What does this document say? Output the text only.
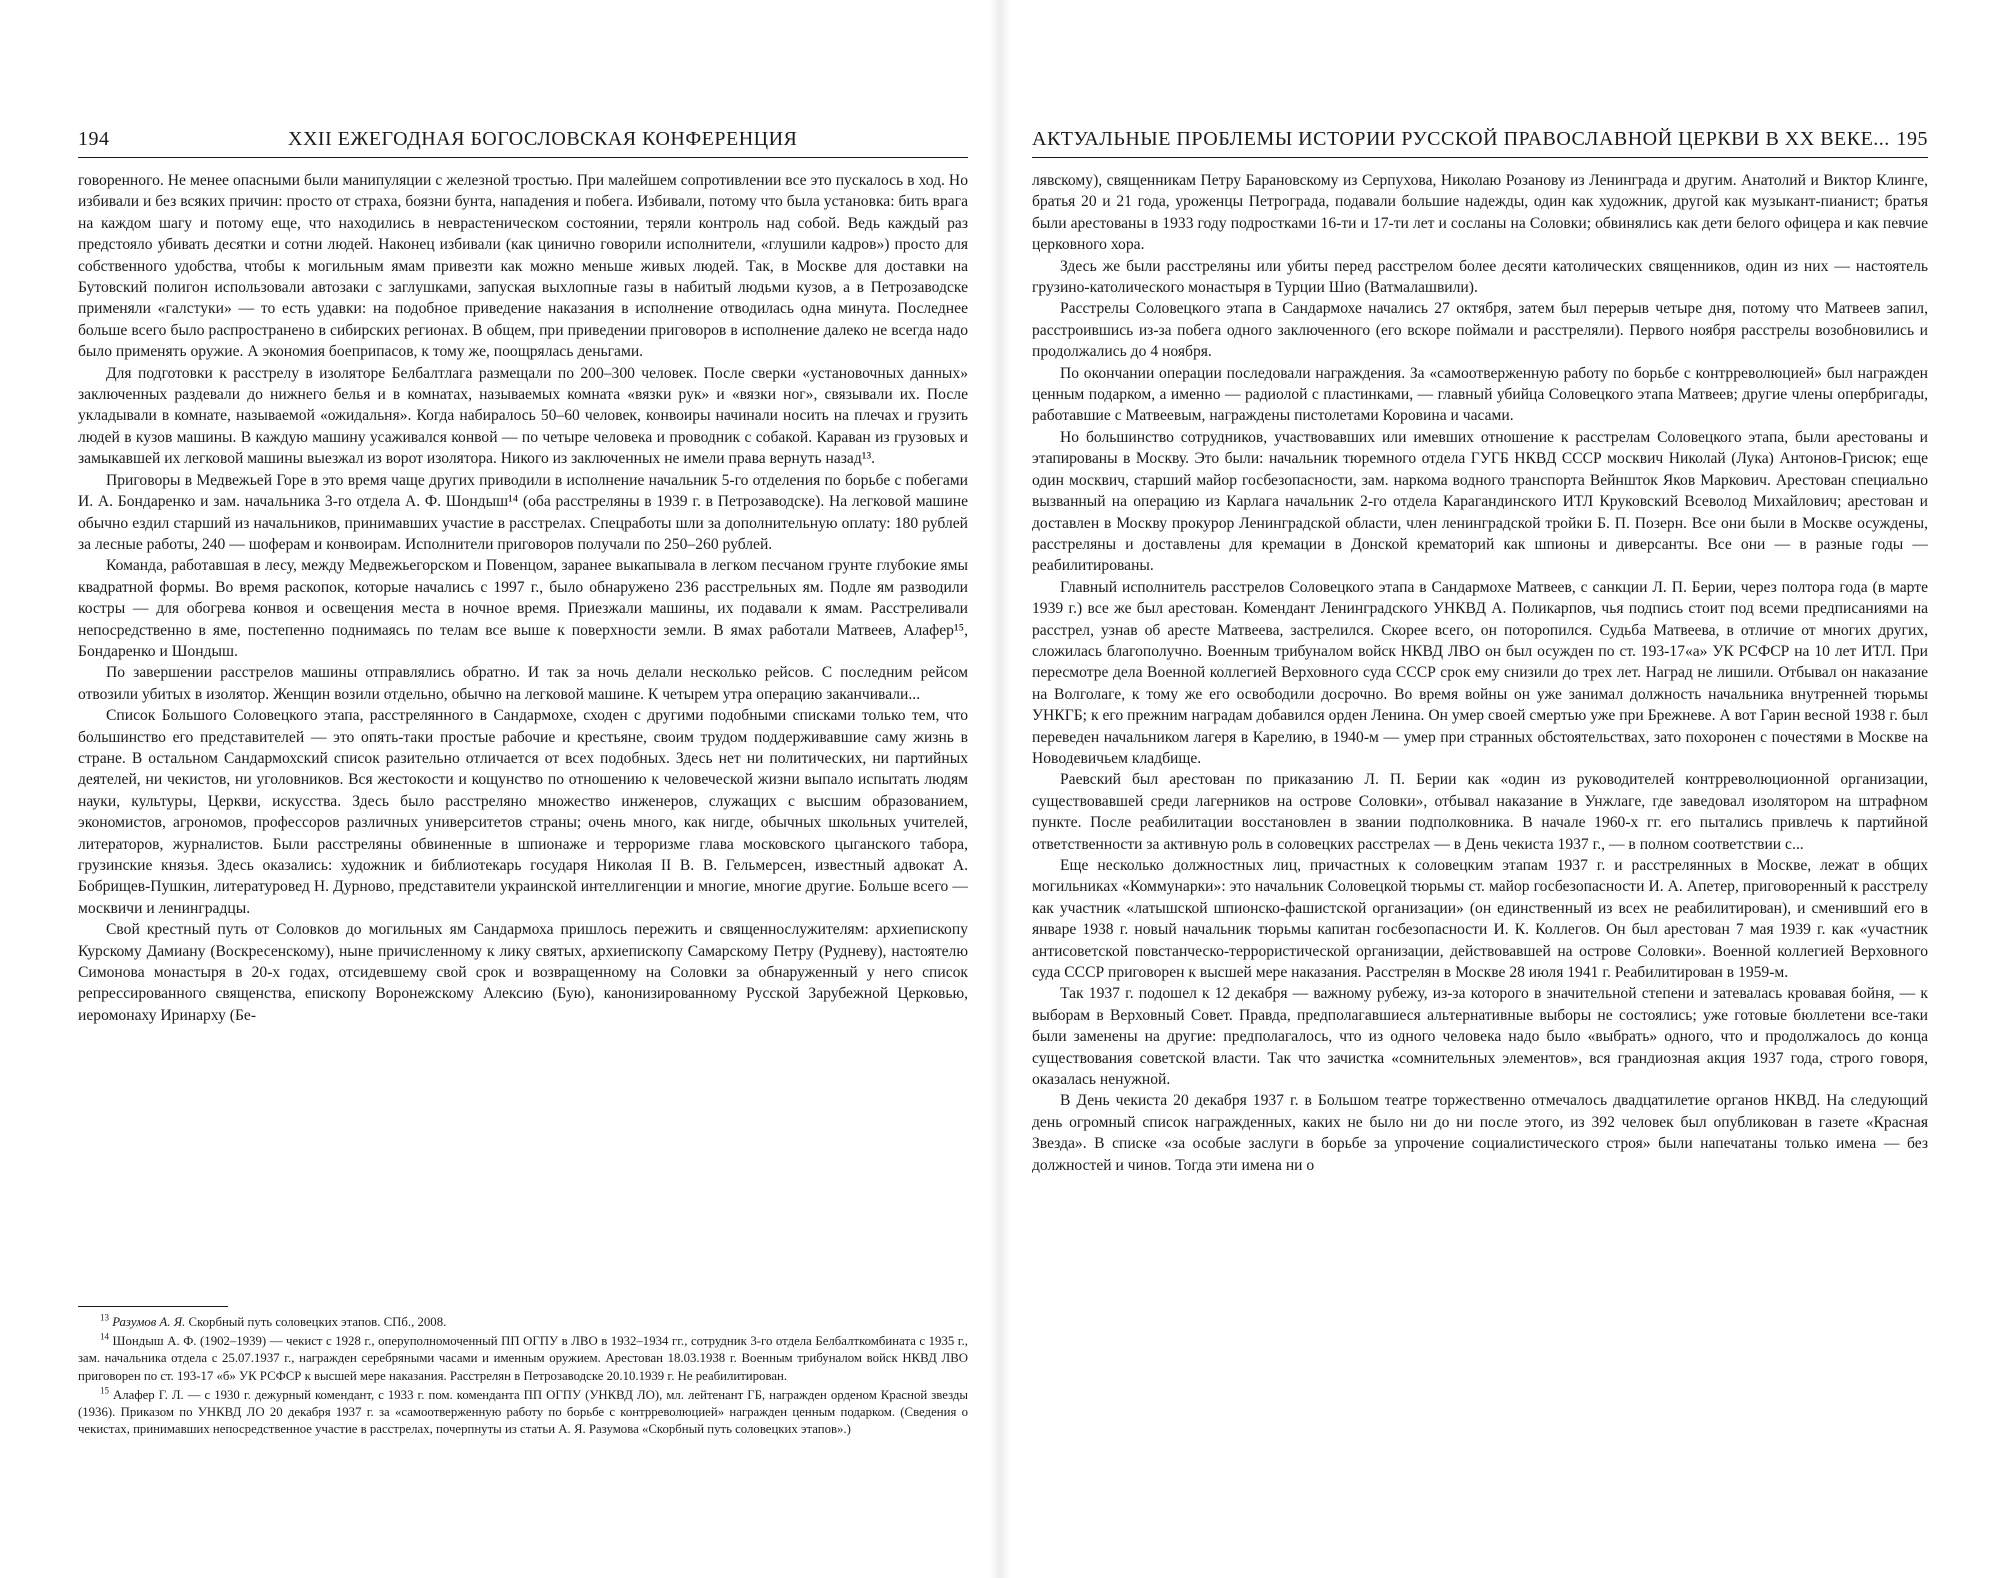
194	XXII ЕЖЕГОДНАЯ БОГОСЛОВСКАЯ КОНФЕРЕНЦИЯ

говоренного. Не менее опасными были манипуляции с железной тростью. При малейшем сопротивлении все это пускалось в ход. Но избивали и без всяких причин: просто от страха, боязни бунта, нападения и побега. Избивали, потому что была установка: бить врага на каждом шагу и потому еще, что находились в неврастеническом состоянии, теряли контроль над собой. Ведь каждый раз предстояло убивать десятки и сотни людей. Наконец избивали (как цинично говорили исполнители, «глушили кадров») просто для собственного удобства, чтобы к могильным ямам привезти как можно меньше живых людей. Так, в Москве для доставки на Бутовский полигон использовали автозаки с заглушками, запуская выхлопные газы в набитый людьми кузов, а в Петрозаводске применяли «галстуки» — то есть удавки: на подобное приведение наказания в исполнение отводилась одна минута. Последнее больше всего было распространено в сибирских регионах. В общем, при приведении приговоров в исполнение далеко не всегда надо было применять оружие. А экономия боеприпасов, к тому же, поощрялась деньгами.

Для подготовки к расстрелу в изоляторе Белбалтлага размещали по 200–300 человек. После сверки «установочных данных» заключенных раздевали до нижнего белья и в комнатах, называемых комната «вязки рук» и «вязки ног», связывали их. После укладывали в комнате, называемой «ожидальня». Когда набиралось 50–60 человек, конвоиры начинали носить на плечах и грузить людей в кузов машины. В каждую машину усаживался конвой — по четыре человека и проводник с собакой. Караван из грузовых и замыкавшей их легковой машины выезжал из ворот изолятора. Никого из заключенных не имели права вернуть назад¹³.

Приговоры в Медвежьей Горе в это время чаще других приводили в исполнение начальник 5-го отделения по борьбе с побегами И. А. Бондаренко и зам. начальника 3-го отдела А. Ф. Шондыш¹⁴ (оба расстреляны в 1939 г. в Петрозаводске). На легковой машине обычно ездил старший из начальников, принимавших участие в расстрелах. Спецработы шли за дополнительную оплату: 180 рублей за лесные работы, 240 — шоферам и конвоирам. Исполнители приговоров получали по 250–260 рублей.

Команда, работавшая в лесу, между Медвежьегорском и Повенцом, заранее выкапывала в легком песчаном грунте глубокие ямы квадратной формы. Во время раскопок, которые начались с 1997 г., было обнаружено 236 расстрельных ям. Подле ям разводили костры — для обогрева конвоя и освещения места в ночное время. Приезжали машины, их подавали к ямам. Расстреливали непосредственно в яме, постепенно поднимаясь по телам все выше к поверхности земли. В ямах работали Матвеев, Алафер¹⁵, Бондаренко и Шондыш.

По завершении расстрелов машины отправлялись обратно. И так за ночь делали несколько рейсов. С последним рейсом отвозили убитых в изолятор. Женщин возили отдельно, обычно на легковой машине. К четырем утра операцию заканчивали...

Список Большого Соловецкого этапа, расстрелянного в Сандармохе, сходен с другими подобными списками только тем, что большинство его представителей — это опять-таки простые рабочие и крестьяне, своим трудом поддерживавшие саму жизнь в стране. В остальном Сандармохский список разительно отличается от всех подобных. Здесь нет ни политических, ни партийных деятелей, ни чекистов, ни уголовников. Вся жестокости и кощунство по отношению к человеческой жизни выпало испытать людям науки, культуры, Церкви, искусства. Здесь было расстреляно множество инженеров, служащих с высшим образованием, экономистов, агрономов, профессоров различных университетов страны; очень много, как нигде, обычных школьных учителей, литераторов, журналистов. Были расстреляны обвиненные в шпионаже и терроризме глава московского цыганского табора, грузинские князья. Здесь оказались: художник и библиотекарь государя Николая II В. В. Гельмерсен, известный адвокат А. Бобрищев-Пушкин, литературовед Н. Дурново, представители украинской интеллигенции и многие, многие другие. Больше всего — москвичи и ленинградцы.

Свой крестный путь от Соловков до могильных ям Сандармоха пришлось пережить и священнослужителям: архиепископу Курскому Дамиану (Воскресенскому), ныне причисленному к лику святых, архиепископу Самарскому Петру (Рудневу), настоятелю Симонова монастыря в 20-х годах, отсидевшему свой срок и возвращенному на Соловки за обнаруженный у него список репрессированного священства, епископу Воронежскому Алексию (Бую), канонизированному Русской Зарубежной Церковью, иеромонаху Иринарху (Бе-

$^{13}$ Разумов А. Я. Скорбный путь соловецких этапов. СПб., 2008.

$^{14}$ Шондыш А. Ф. (1902–1939) — чекист с 1928 г., оперуполномоченный ПП ОГПУ в ЛВО в 1932–1934 гг., сотрудник 3-го отдела Белбалткомбината с 1935 г., зам. начальника отдела с 25.07.1937 г., награжден серебряными часами и именным оружием. Арестован 18.03.1938 г. Военным трибуналом войск НКВД ЛВО приговорен по ст. 193-17 «б» УК РСФСР к высшей мере наказания. Расстрелян в Петрозаводске 20.10.1939 г. Не реабилитирован.

$^{15}$ Алафер Г. Л. — с 1930 г. дежурный комендант, с 1933 г. пом. коменданта ПП ОГПУ (УНКВД ЛО), мл. лейтенант ГБ, награжден орденом Красной звезды (1936). Приказом по УНКВД ЛО 20 декабря 1937 г. за «самоотверженную работу по борьбе с контрреволюцией» награжден ценным подарком. (Сведения о чекистах, принимавших непосредственное участие в расстрелах, почерпнуты из статьи А. Я. Разумова «Скорбный путь соловецких этапов».)

АКТУАЛЬНЫЕ ПРОБЛЕМЫ ИСТОРИИ РУССКОЙ ПРАВОСЛАВНОЙ ЦЕРКВИ В XX ВЕКЕ... 195

лявскому), священникам Петру Барановскому из Серпухова, Николаю Розанову из Ленинграда и другим. Анатолий и Виктор Клинге, братья 20 и 21 года, уроженцы Петрограда, подавали большие надежды, один как художник, другой как музыкант-пианист; братья были арестованы в 1933 году подростками 16-ти и 17-ти лет и сосланы на Соловки; обвинялись как дети белого офицера и как певчие церковного хора.

Здесь же были расстреляны или убиты перед расстрелом более десяти католических священников, один из них — настоятель грузино-католического монастыря в Турции Шио (Ватмалашвили).

Расстрелы Соловецкого этапа в Сандармохе начались 27 октября, затем был перерыв четыре дня, потому что Матвеев запил, расстроившись из-за побега одного заключенного (его вскоре поймали и расстреляли). Первого ноября расстрелы возобновились и продолжались до 4 ноября.

По окончании операции последовали награждения. За «самоотверженную работу по борьбе с контрреволюцией» был награжден ценным подарком, а именно — радиолой с пластинками, — главный убийца Соловецкого этапа Матвеев; другие члены опербригады, работавшие с Матвеевым, награждены пистолетами Коровина и часами.

Но большинство сотрудников, участвовавших или имевших отношение к расстрелам Соловецкого этапа, были арестованы и этапированы в Москву. Это были: начальник тюремного отдела ГУГБ НКВД СССР москвич Николай (Лука) Антонов-Грисюк; еще один москвич, старший майор госбезопасности, зам. наркома водного транспорта Вейншток Яков Маркович. Арестован специально вызванный на операцию из Карлага начальник 2-го отдела Карагандинского ИТЛ Круковский Всеволод Михайлович; арестован и доставлен в Москву прокурор Ленинградской области, член ленинградской тройки Б. П. Позерн. Все они были в Москве осуждены, расстреляны и доставлены для кремации в Донской крематорий как шпионы и диверсанты. Все они — в разные годы — реабилитированы.

Главный исполнитель расстрелов Соловецкого этапа в Сандармохе Матвеев, с санкции Л. П. Берии, через полтора года (в марте 1939 г.) все же был арестован. Комендант Ленинградского УНКВД А. Поликарпов, чья подпись стоит под всеми предписаниями на расстрел, узнав об аресте Матвеева, застрелился. Скорее всего, он поторопился. Судьба Матвеева, в отличие от многих других, сложилась благополучно. Военным трибуналом войск НКВД ЛВО он был осужден по ст. 193-17«а» УК РСФСР на 10 лет ИТЛ. При пересмотре дела Военной коллегией Верховного суда СССР срок ему снизили до трех лет. Наград не лишили. Отбывал он наказание на Волголаге, к тому же его освободили досрочно. Во время войны он уже занимал должность начальника внутренней тюрьмы УНКГБ; к его прежним наградам добавился орден Ленина. Он умер своей смертью уже при Брежневе. А вот Гарин весной 1938 г. был переведен начальником лагеря в Карелию, в 1940-м — умер при странных обстоятельствах, зато похоронен с почестями в Москве на Новодевичьем кладбище.

Раевский был арестован по приказанию Л. П. Берии как «один из руководителей контрреволюционной организации, существовавшей среди лагерников на острове Соловки», отбывал наказание в Унжлаге, где заведовал изолятором на штрафном пункте. После реабилитации восстановлен в звании подполковника. В начале 1960-х гг. его пытались привлечь к партийной ответственности за активную роль в соловецких расстрелах — в День чекиста 1937 г., — в полном соответствии с...

Еще несколько должностных лиц, причастных к соловецким этапам 1937 г. и расстрелянных в Москве, лежат в общих могильниках «Коммунарки»: это начальник Соловецкой тюрьмы ст. майор госбезопасности И. А. Апетер, приговоренный к расстрелу как участник «латышской шпионско-фашистской организации» (он единственный из всех не реабилитирован), и сменивший его в январе 1938 г. новый начальник тюрьмы капитан госбезопасности И. К. Коллегов. Он был арестован 7 мая 1939 г. как «участник антисоветской повстанческо-террористической организации, действовавшей на острове Соловки». Военной коллегией Верховного суда СССР приговорен к высшей мере наказания. Расстрелян в Москве 28 июля 1941 г. Реабилитирован в 1959-м.

Так 1937 г. подошел к 12 декабря — важному рубежу, из-за которого в значительной степени и затевалась кровавая бойня, — к выборам в Верховный Совет. Правда, предполагавшиеся альтернативные выборы не состоялись; уже готовые бюллетени все-таки были заменены на другие: предполагалось, что из одного человека надо было «выбрать» одного, что и продолжалось до конца существования советской власти. Так что зачистка «сомнительных элементов», вся грандиозная акция 1937 года, строго говоря, оказалась ненужной.

В День чекиста 20 декабря 1937 г. в Большом театре торжественно отмечалось двадцатилетие органов НКВД. На следующий день огромный список награжденных, каких не было ни до ни после этого, из 392 человек был опубликован в газете «Красная Звезда». В списке «за особые заслуги в борьбе за упрочение социалистического строя» были напечатаны только имена — без должностей и чинов. Тогда эти имена ни о
